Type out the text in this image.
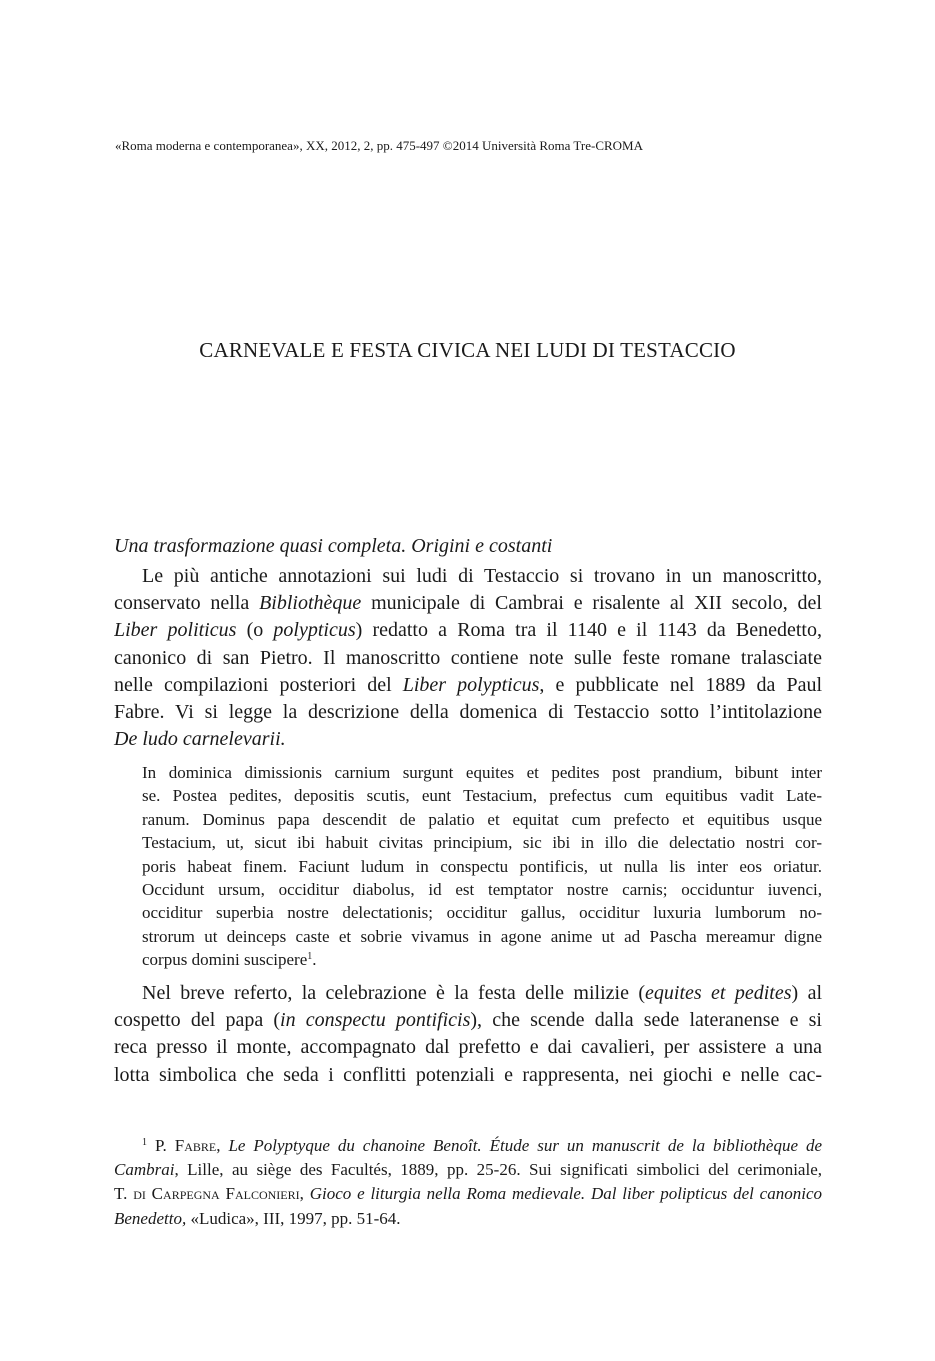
«Roma moderna e contemporanea», XX, 2012, 2, pp. 475-497 ©2014 Università Roma Tre-CROMA
CARNEVALE E FESTA CIVICA NEI LUDI DI TESTACCIO
Una trasformazione quasi completa. Origini e costanti
Le più antiche annotazioni sui ludi di Testaccio si trovano in un manoscritto,
conservato nella Bibliothèque municipale di Cambrai e risalente al XII secolo, del
Liber politicus (o polypticus) redatto a Roma tra il 1140 e il 1143 da Benedetto,
canonico di san Pietro. Il manoscritto contiene note sulle feste romane tralasciate
nelle compilazioni posteriori del Liber polypticus, e pubblicate nel 1889 da Paul
Fabre. Vi si legge la descrizione della domenica di Testaccio sotto l’intitolazione
De ludo carnelevarii.
In dominica dimissionis carnium surgunt equites et pedites post prandium, bibunt inter
se. Postea pedites, depositis scutis, eunt Testacium, prefectus cum equitibus vadit Late-
ranum. Dominus papa descendit de palatio et equitat cum prefecto et equitibus usque
Testacium, ut, sicut ibi habuit civitas principium, sic ibi in illo die delectatio nostri cor-
poris habeat finem. Faciunt ludum in conspectu pontificis, ut nulla lis inter eos oriatur.
Occidunt ursum, occiditur diabolus, id est temptator nostre carnis; occiduntur iuvenci,
occiditur superbia nostre delectationis; occiditur gallus, occiditur luxuria lumborum no-
strorum ut deinceps caste et sobrie vivamus in agone anime ut ad Pascha mereamur digne
corpus domini suscipere$^1$.
Nel breve referto, la celebrazione è la festa delle milizie (equites et pedites) al
cospetto del papa (in conspectu pontificis), che scende dalla sede lateranense e si
reca presso il monte, accompagnato dal prefetto e dai cavalieri, per assistere a una
lotta simbolica che seda i conflitti potenziali e rappresenta, nei giochi e nelle cac-
$^1$ P. Fabre, Le Polyptyque du chanoine Benoît. Étude sur un manuscrit de la bibliothèque de
Cambrai, Lille, au siège des Facultés, 1889, pp. 25-26. Sui significati simbolici del cerimoniale,
T. di Carpegna Falconieri, Gioco e liturgia nella Roma medievale. Dal liber polipticus del canonico
Benedetto, «Ludica», III, 1997, pp. 51-64.
